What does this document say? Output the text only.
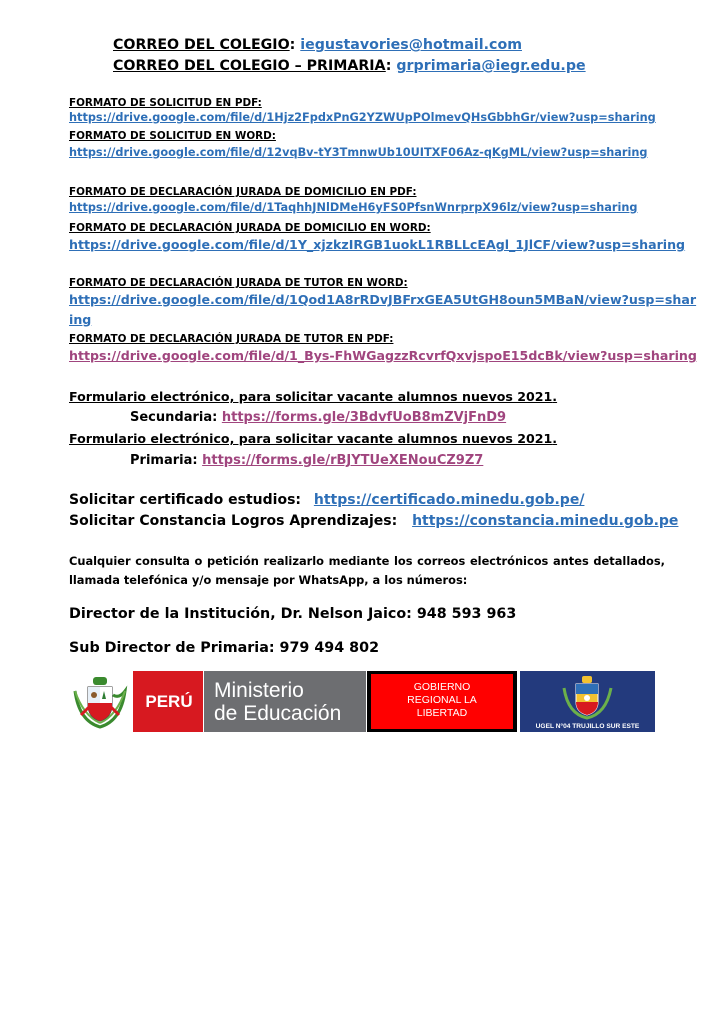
CORREO DEL COLEGIO: iegustavories@hotmail.com
CORREO DEL COLEGIO – PRIMARIA: grprimaria@iegr.edu.pe
FORMATO DE SOLICITUD EN PDF:
https://drive.google.com/file/d/1Hjz2FpdxPnG2YZWUpPOlmevQHsGbbhGr/view?usp=sharing
FORMATO DE SOLICITUD EN WORD:
https://drive.google.com/file/d/12vqBv-tY3TmnwUb10UITXF06Az-qKgML/view?usp=sharing
FORMATO DE DECLARACIÓN JURADA DE DOMICILIO EN PDF:
https://drive.google.com/file/d/1TaqhhJNlDMeH6yFS0PfsnWnrprpX96lz/view?usp=sharing
FORMATO DE DECLARACIÓN JURADA DE DOMICILIO EN WORD:
https://drive.google.com/file/d/1Y_xjzkzIRGB1uokL1RBLLcEAgl_1JlCF/view?usp=sharing
FORMATO DE DECLARACIÓN JURADA DE TUTOR EN WORD:
https://drive.google.com/file/d/1Qod1A8rRDvJBFrxGEA5UtGH8oun5MBaN/view?usp=shar
ing
FORMATO DE DECLARACIÓN JURADA DE TUTOR EN PDF:
https://drive.google.com/file/d/1_Bys-FhWGagzzRcvrfQxvjspoE15dcBk/view?usp=sharing
Formulario electrónico, para solicitar vacante alumnos nuevos 2021.
Secundaria: https://forms.gle/3BdvfUoB8mZVjFnD9
Formulario electrónico, para solicitar vacante alumnos nuevos 2021.
Primaria: https://forms.gle/rBJYTUeXENouCZ9Z7
Solicitar certificado estudios: https://certificado.minedu.gob.pe/
Solicitar Constancia Logros Aprendizajes: https://constancia.minedu.gob.pe
Cualquier consulta o petición realizarlo mediante los correos electrónicos antes detallados, llamada telefónica y/o mensaje por WhatsApp, a los números:
Director de la Institución, Dr. Nelson Jaico: 948 593 963
Sub Director de Primaria: 979 494 802
PERÚ	Ministerio
de Educación
GOBIERNO
REGIONAL LA
LIBERTAD
UGEL N°04 TRUJILLO SUR ESTE
